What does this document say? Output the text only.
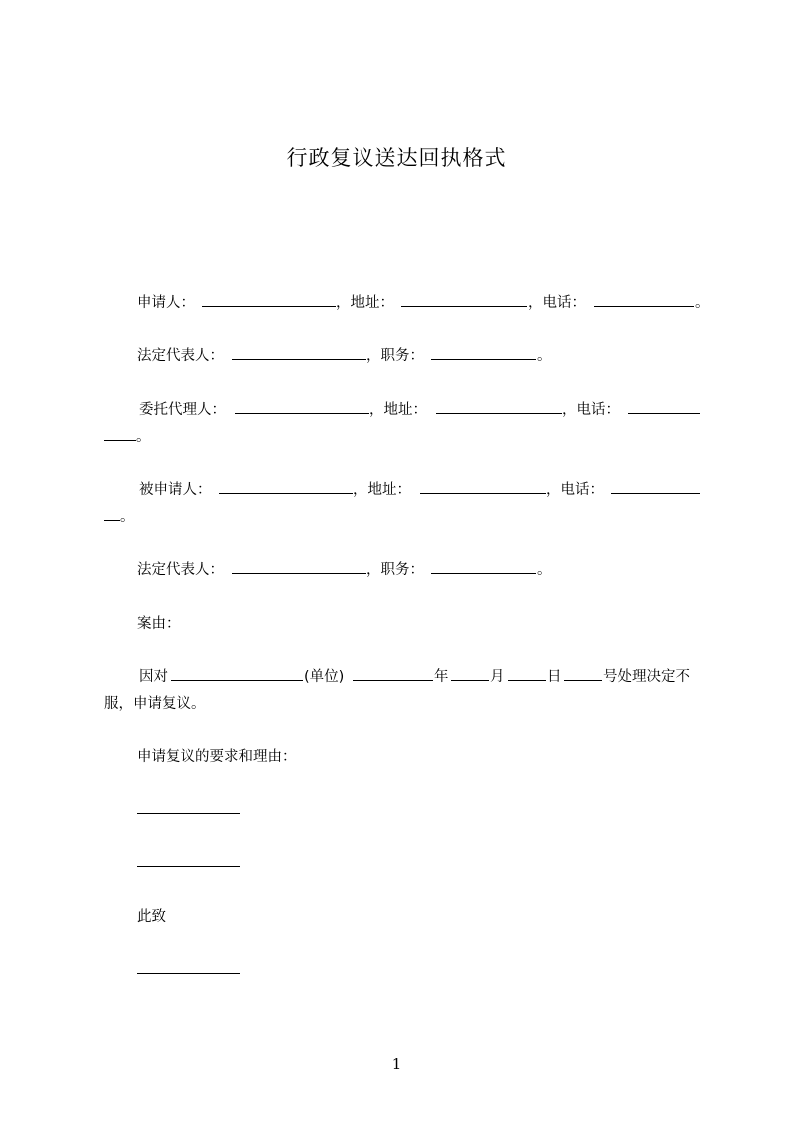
行政复议送达回执格式
申请人：	，地址：	，电话：	。
法定代表人：	，职务：	。
委托代理人：	，地址：	，电话：
。
被申请人：	，地址：	，电话：
。
法定代表人：	，职务：	。
案由：
因对	(单位)	年	月	日	号处理决定不
服，申请复议。
申请复议的要求和理由：
此致
1
